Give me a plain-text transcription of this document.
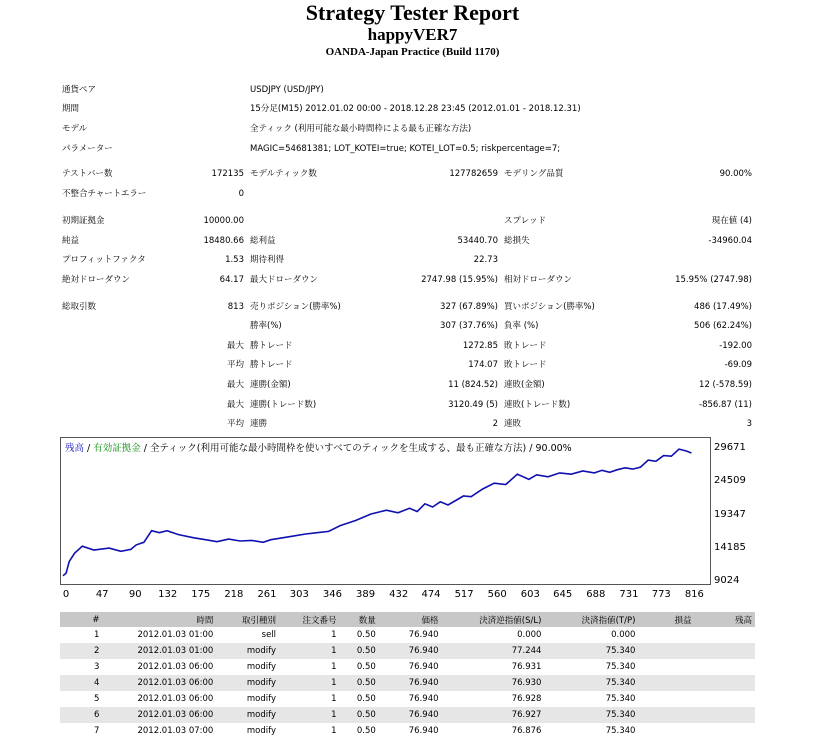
Strategy Tester Report
happyVER7
OANDA-Japan Practice (Build 1170)
通貨ペア	USDJPY (USD/JPY)
期間	15分足(M15) 2012.01.02 00:00 - 2018.12.28 23:45 (2012.01.01 - 2018.12.31)
モデル	全ティック (利用可能な最小時間枠による最も正確な方法)
パラメーター	MAGIC=54681381; LOT_KOTEI=true; KOTEI_LOT=0.5; riskpercentage=7;
テストバー数	172135 モデルティック数	127782659 モデリング品質	90.00%
不整合チャートエラー	0
初期証拠金	10000.00	スプレッド	現在値 (4)
純益	18480.66 総利益	53440.70 総損失	-34960.04
プロフィットファクタ	1.53 期待利得	22.73
絶対ドローダウン	64.17 最大ドローダウン	2747.98 (15.95%) 相対ドローダウン	15.95% (2747.98)
総取引数	813 売りポジション(勝率%)	327 (67.89%) 買いポジション(勝率%)	486 (17.49%)
勝率(%)	307 (37.76%) 負率 (%)	506 (62.24%)
最大 勝トレード	1272.85 敗トレード	-192.00
平均 勝トレード	174.07 敗トレード	-69.09
最大 連勝(金額)	11 (824.52) 連敗(金額)	12 (-578.59)
最大 連勝(トレード数)	3120.49 (5) 連敗(トレード数)	-856.87 (11)
平均 連勝	2 連敗	3
残高 / 有効証拠金 / 全ティック(利用可能な最小時間枠を使いすべてのティックを生成する、最も正確な方法) / 90.00%	29671
24509
19347
14185
9024
0	47	90	132	175	218	261	303	346	389	432	474	517	560	603	645	688	731	773	816
#	時間	取引種別	注文番号	数量	価格	決済逆指値(S/L)	決済指値(T/P)	損益	残高
1	2012.01.03 01:00	sell	1	0.50	76.940	0.000	0.000		
2	2012.01.03 01:00	modify	1	0.50	76.940	77.244	75.340		
3	2012.01.03 06:00	modify	1	0.50	76.940	76.931	75.340		
4	2012.01.03 06:00	modify	1	0.50	76.940	76.930	75.340		
5	2012.01.03 06:00	modify	1	0.50	76.940	76.928	75.340		
6	2012.01.03 06:00	modify	1	0.50	76.940	76.927	75.340		
7	2012.01.03 07:00	modify	1	0.50	76.940	76.876	75.340		
